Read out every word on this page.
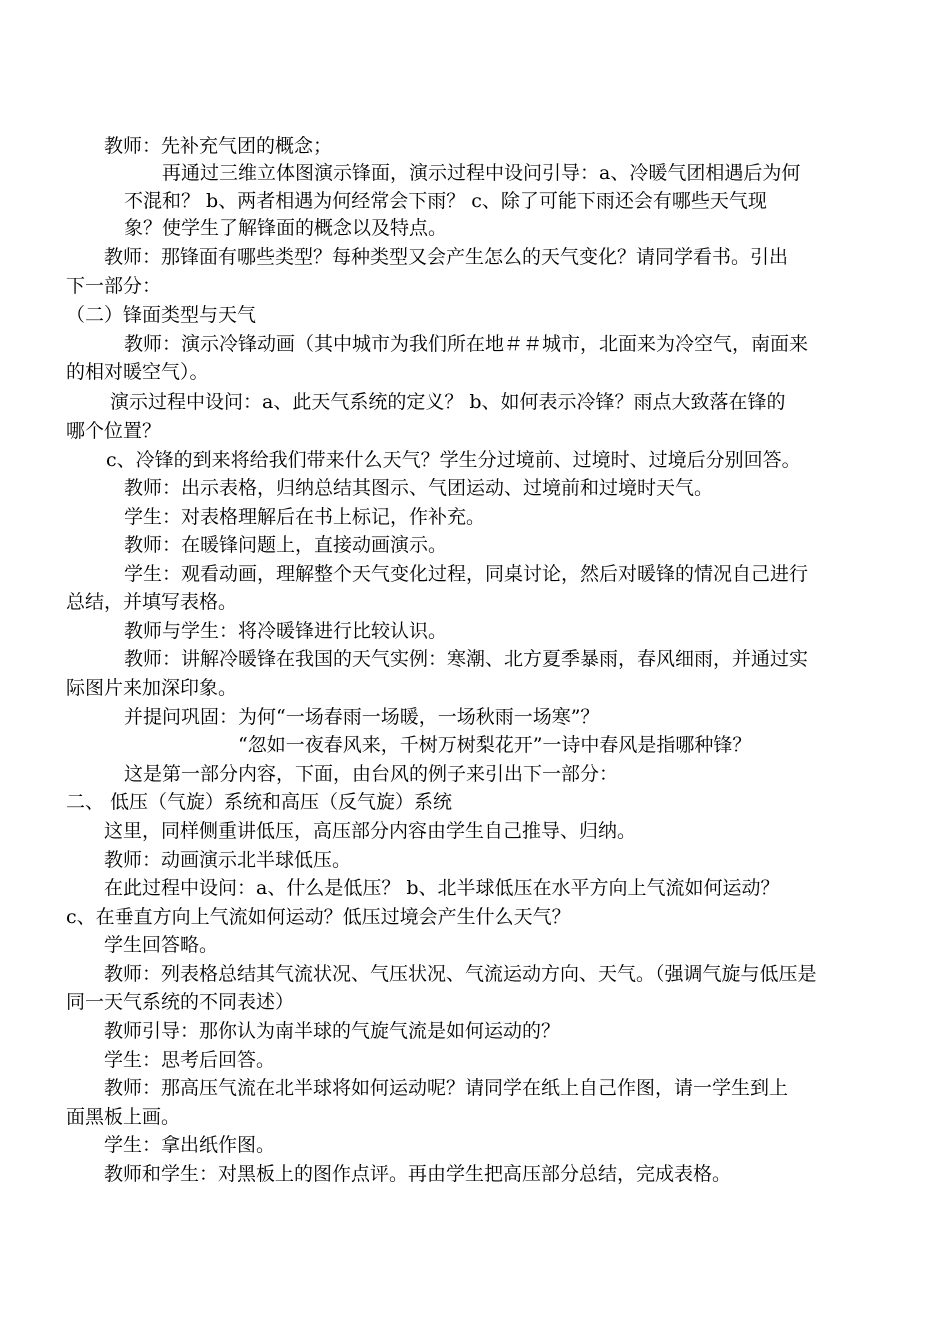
教师：先补充气团的概念；
再通过三维立体图演示锋面，演示过程中设问引导：a、冷暖气团相遇后为何
不混和？ b、两者相遇为何经常会下雨？ c、除了可能下雨还会有哪些天气现
象？使学生了解锋面的概念以及特点。
教师：那锋面有哪些类型？每种类型又会产生怎么的天气变化？请同学看书。引出
下一部分：
（二）锋面类型与天气
教师：演示冷锋动画（其中城市为我们所在地＃＃城市，北面来为冷空气，南面来
的相对暖空气）。
演示过程中设问：a、此天气系统的定义？ b、如何表示冷锋？雨点大致落在锋的
哪个位置？
c、冷锋的到来将给我们带来什么天气？学生分过境前、过境时、过境后分别回答。
教师：出示表格，归纳总结其图示、气团运动、过境前和过境时天气。
学生：对表格理解后在书上标记，作补充。
教师：在暖锋问题上，直接动画演示。
学生：观看动画，理解整个天气变化过程，同桌讨论，然后对暖锋的情况自己进行
总结，并填写表格。
教师与学生：将冷暖锋进行比较认识。
教师：讲解冷暖锋在我国的天气实例：寒潮、北方夏季暴雨，春风细雨，并通过实
际图片来加深印象。
并提问巩固：为何“一场春雨一场暖，一场秋雨一场寒”？
“忽如一夜春风来，千树万树梨花开”一诗中春风是指哪种锋？
这是第一部分内容，下面，由台风的例子来引出下一部分：
二、 低压（气旋）系统和高压（反气旋）系统
这里，同样侧重讲低压，高压部分内容由学生自己推导、归纳。
教师：动画演示北半球低压。
在此过程中设问：a、什么是低压？ b、北半球低压在水平方向上气流如何运动？
c、在垂直方向上气流如何运动？低压过境会产生什么天气？
学生回答略。
教师：列表格总结其气流状况、气压状况、气流运动方向、天气。（强调气旋与低压是
同一天气系统的不同表述）
教师引导：那你认为南半球的气旋气流是如何运动的？
学生：思考后回答。
教师：那高压气流在北半球将如何运动呢？请同学在纸上自己作图，请一学生到上
面黑板上画。
学生：拿出纸作图。
教师和学生：对黑板上的图作点评。再由学生把高压部分总结，完成表格。
